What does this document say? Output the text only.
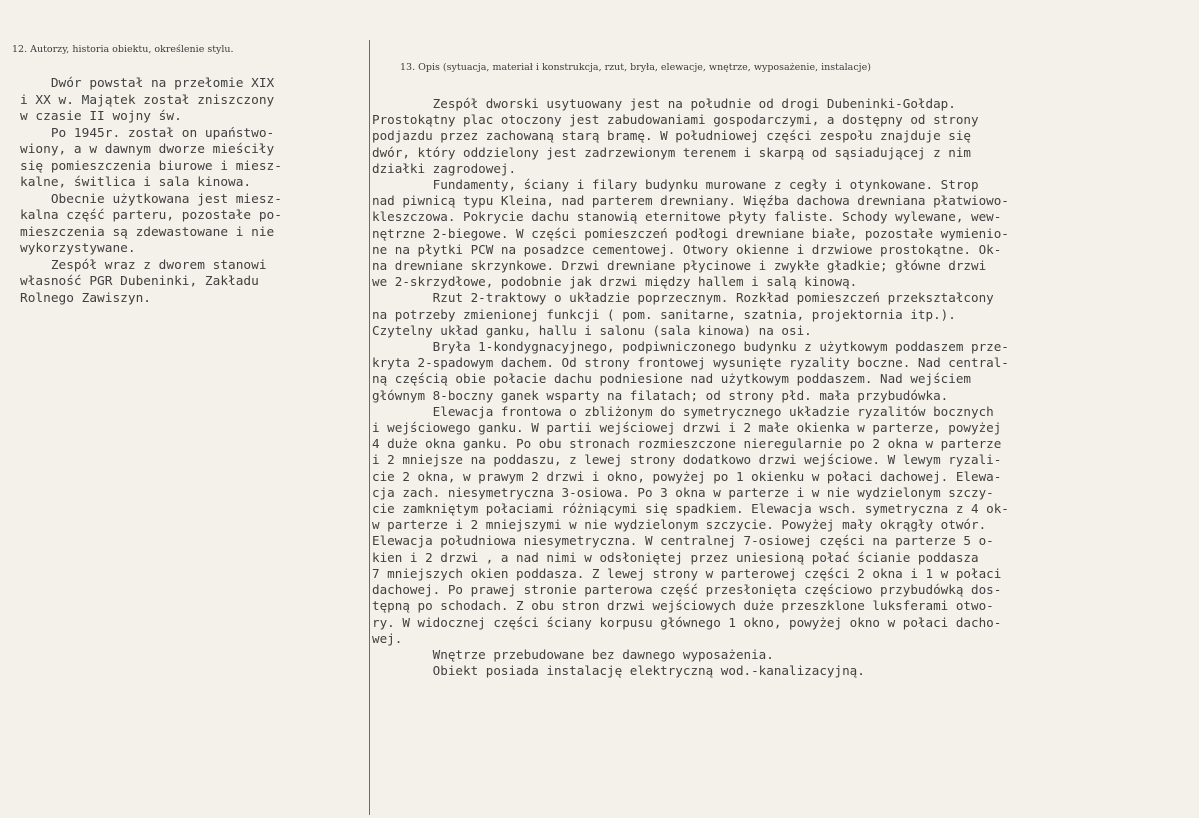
12. Autorzy, historia obiektu, określenie stylu.
13. Opis (sytuacja, materiał i konstrukcja, rzut, bryła, elewacje, wnętrze, wyposażenie, instalacje)
Dwór powstał na przełomie XIX
i XX w. Majątek został zniszczony
w czasie II wojny św.
Po 1945r. został on upaństwo-
wiony, a w dawnym dworze mieściły
się pomieszczenia biurowe i miesz-
kalne, świtlica i sala kinowa.
Obecnie użytkowana jest miesz-
kalna część parteru, pozostałe po-
mieszczenia są zdewastowane i nie
wykorzystywane.
Zespół wraz z dworem stanowi
własność PGR Dubeninki, Zakładu
Rolnego Zawiszyn.
Zespół dworski usytuowany jest na południe od drogi Dubeninki-Gołdap.
Prostokątny plac otoczony jest zabudowaniami gospodarczymi, a dostępny od strony
podjazdu przez zachowaną starą bramę. W południowej części zespołu znajduje się
dwór, który oddzielony jest zadrzewionym terenem i skarpą od sąsiadującej z nim
działki zagrodowej.
Fundamenty, ściany i filary budynku murowane z cegły i otynkowane. Strop
nad piwnicą typu Kleina, nad parterem drewniany. Więźba dachowa drewniana płatwiowo-
kleszczowa. Pokrycie dachu stanowią eternitowe płyty faliste. Schody wylewane, wew-
nętrzne 2-biegowe. W części pomieszczeń podłogi drewniane białe, pozostałe wymienio-
ne na płytki PCW na posadzce cementowej. Otwory okienne i drzwiowe prostokątne. Ok-
na drewniane skrzynkowe. Drzwi drewniane płycinowe i zwykłe gładkie; główne drzwi
we 2-skrzydłowe, podobnie jak drzwi między hallem i salą kinową.
Rzut 2-traktowy o układzie poprzecznym. Rozkład pomieszczeń przekształcony
na potrzeby zmienionej funkcji ( pom. sanitarne, szatnia, projektornia itp.).
Czytelny układ ganku, hallu i salonu (sala kinowa) na osi.
Bryła 1-kondygnacyjnego, podpiwniczonego budynku z użytkowym poddaszem prze-
kryta 2-spadowym dachem. Od strony frontowej wysunięte ryzality boczne. Nad central-
ną częścią obie połacie dachu podniesione nad użytkowym poddaszem. Nad wejściem
głównym 8-boczny ganek wsparty na filatach; od strony płd. mała przybudówka.
Elewacja frontowa o zbliżonym do symetrycznego układzie ryzalitów bocznych
i wejściowego ganku. W partii wejściowej drzwi i 2 małe okienka w parterze, powyżej
4 duże okna ganku. Po obu stronach rozmieszczone nieregularnie po 2 okna w parterze
i 2 mniejsze na poddaszu, z lewej strony dodatkowo drzwi wejściowe. W lewym ryzali-
cie 2 okna, w prawym 2 drzwi i okno, powyżej po 1 okienku w połaci dachowej. Elewa-
cja zach. niesymetryczna 3-osiowa. Po 3 okna w parterze i w nie wydzielonym szczy-
cie zamkniętym połaciami różniącymi się spadkiem. Elewacja wsch. symetryczna z 4 ok-
w parterze i 2 mniejszymi w nie wydzielonym szczycie. Powyżej mały okrągły otwór.
Elewacja południowa niesymetryczna. W centralnej 7-osiowej części na parterze 5 o-
kien i 2 drzwi , a nad nimi w odsłoniętej przez uniesioną połać ścianie poddasza
7 mniejszych okien poddasza. Z lewej strony w parterowej części 2 okna i 1 w połaci
dachowej. Po prawej stronie parterowa część przesłonięta częściowo przybudówką dos-
tępną po schodach. Z obu stron drzwi wejściowych duże przeszklone luksferami otwo-
ry. W widocznej części ściany korpusu głównego 1 okno, powyżej okno w połaci dacho-
wej.
Wnętrze przebudowane bez dawnego wyposażenia.
Obiekt posiada instalację elektryczną wod.-kanalizacyjną.
